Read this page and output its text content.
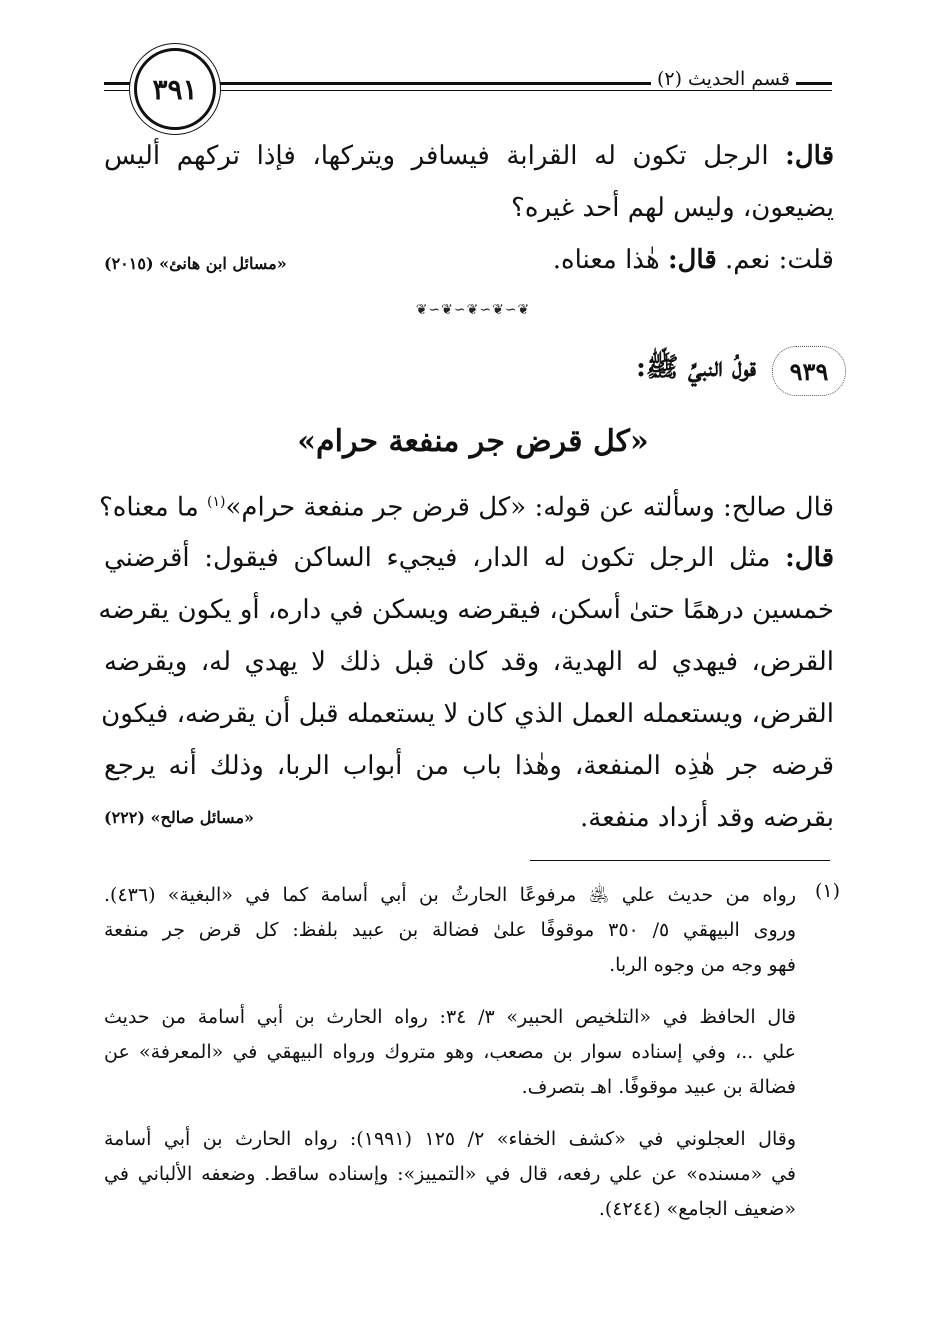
٣٩١	قسم الحديث (٢)
قال: الرجل تكون له القرابة فيسافر ويتركها، فإذا تركهم أليس
يضيعون، وليس لهم أحد غيره؟
قلت: نعم. قال: هٰذا معناه.
«مسائل ابن هانئ» (٢٠١٥)
❦∽❦∽❦∽❦∽❦
٩٣٩
قولُ النبيِّ ﷺ:
«كل قرض جر منفعة حرام»
قال صالح: وسألته عن قوله: «كل قرض جر منفعة حرام»$^{(١)}$ ما معناه؟
قال: مثل الرجل تكون له الدار، فيجيء الساكن فيقول: أقرضني
خمسين درهمًا حتىٰ أسكن، فيقرضه ويسكن في داره، أو يكون يقرضه
القرض، فيهدي له الهدية، وقد كان قبل ذلك لا يهدي له، ويقرضه
القرض، ويستعمله العمل الذي كان لا يستعمله قبل أن يقرضه، فيكون
قرضه جر هٰذِه المنفعة، وهٰذا باب من أبواب الربا، وذلك أنه يرجع
بقرضه وقد أزداد منفعة.
«مسائل صالح» (٢٢٢)
(١)
رواه من حديث علي ﵁ مرفوعًا الحارثُ بن أبي أسامة كما في «البغية» (٤٣٦).
وروى البيهقي ٥/ ٣٥٠ موقوفًا علىٰ فضالة بن عبيد بلفظ: كل قرض جر منفعة
فهو وجه من وجوه الربا.
قال الحافظ في «التلخيص الحبير» ٣/ ٣٤: رواه الحارث بن أبي أسامة من حديث
علي ..، وفي إسناده سوار بن مصعب، وهو متروك ورواه البيهقي في «المعرفة» عن
فضالة بن عبيد موقوفًا. اهـ بتصرف.
وقال العجلوني في «كشف الخفاء» ٢/ ١٢٥ (١٩٩١): رواه الحارث بن أبي أسامة
في «مسنده» عن علي رفعه، قال في «التمييز»: وإسناده ساقط. وضعفه الألباني في
«ضعيف الجامع» (٤٢٤٤).
